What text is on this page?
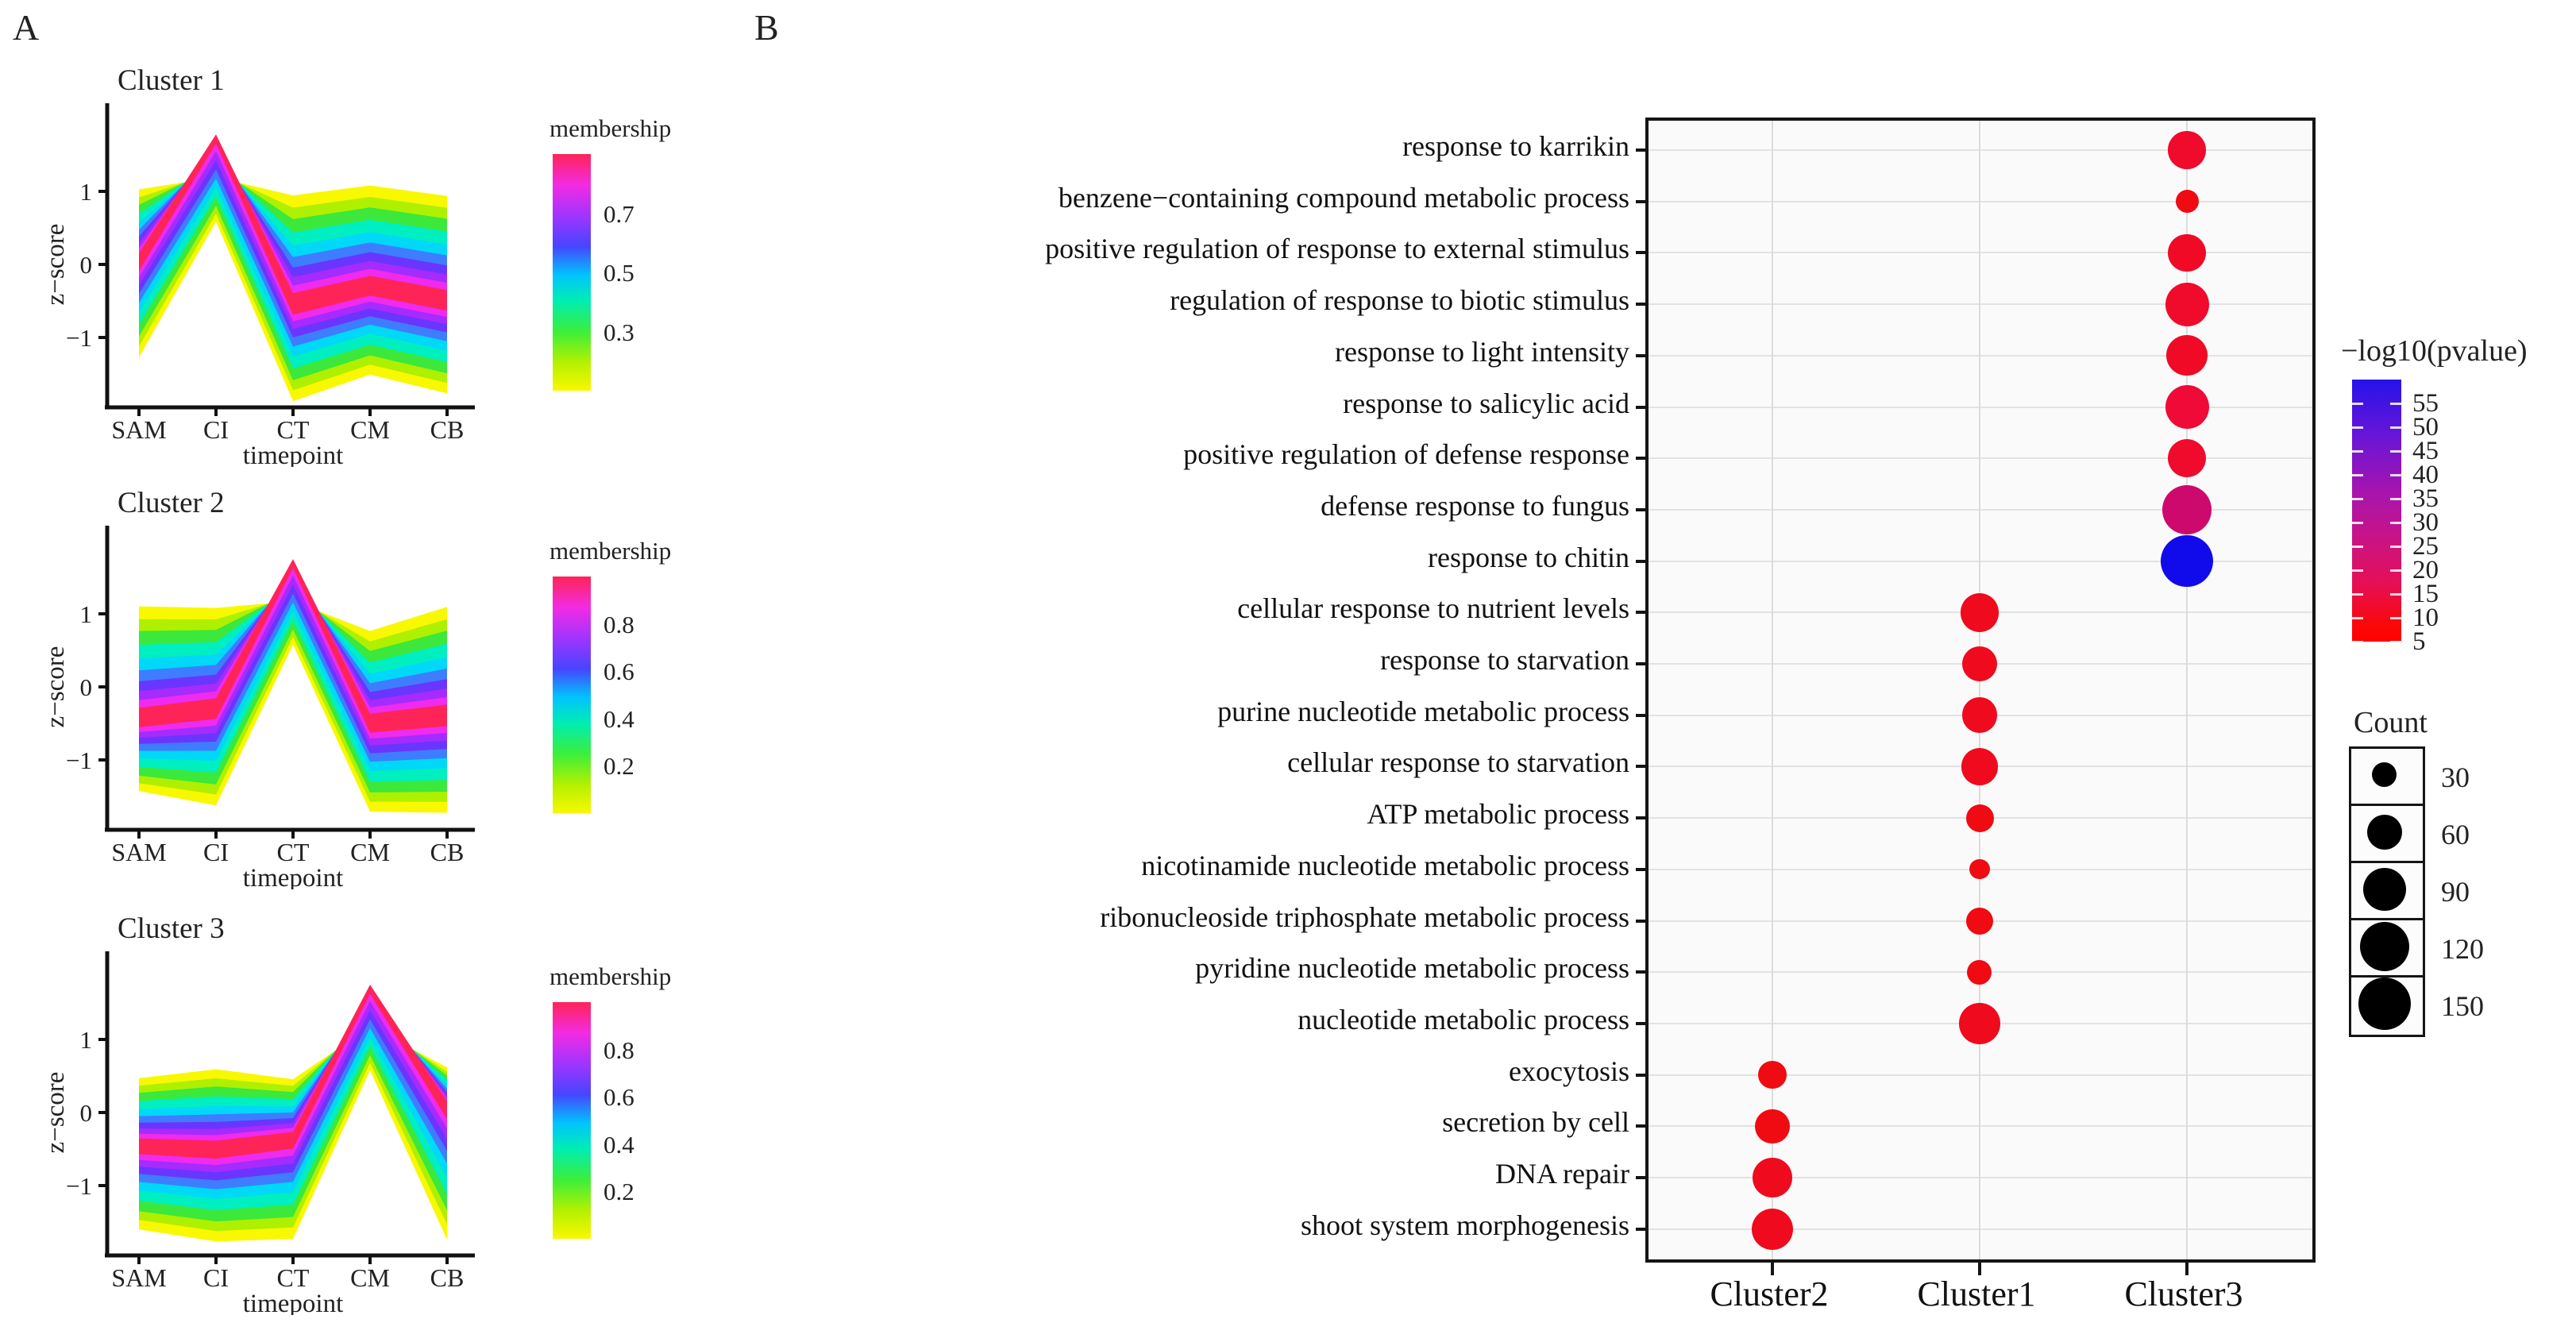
A	B
Cluster 1
1
0
−1
SAM CI CT CM CB
timepoint
z−score
membership
0.7
0.5
0.3
Cluster 2
1
0
−1
SAM CI CT CM CB
timepoint
z−score
membership
0.8
0.6
0.4
0.2
Cluster 3
1
0
−1
SAM CI CT CM CB
timepoint
z−score
membership
0.8
0.6
0.4
0.2
response to karrikin
benzene−containing compound metabolic process
positive regulation of response to external stimulus
regulation of response to biotic stimulus
response to light intensity
response to salicylic acid
positive regulation of defense response
defense response to fungus
response to chitin
cellular response to nutrient levels
response to starvation
purine nucleotide metabolic process
cellular response to starvation
ATP metabolic process
nicotinamide nucleotide metabolic process
ribonucleoside triphosphate metabolic process
pyridine nucleotide metabolic process
nucleotide metabolic process
exocytosis
secretion by cell
DNA repair
shoot system morphogenesis
Cluster2	Cluster1	Cluster3
−log10(pvalue)
55
50
45
40
35
30
25
20
15
10
5
Count
30
60
90
120
150
